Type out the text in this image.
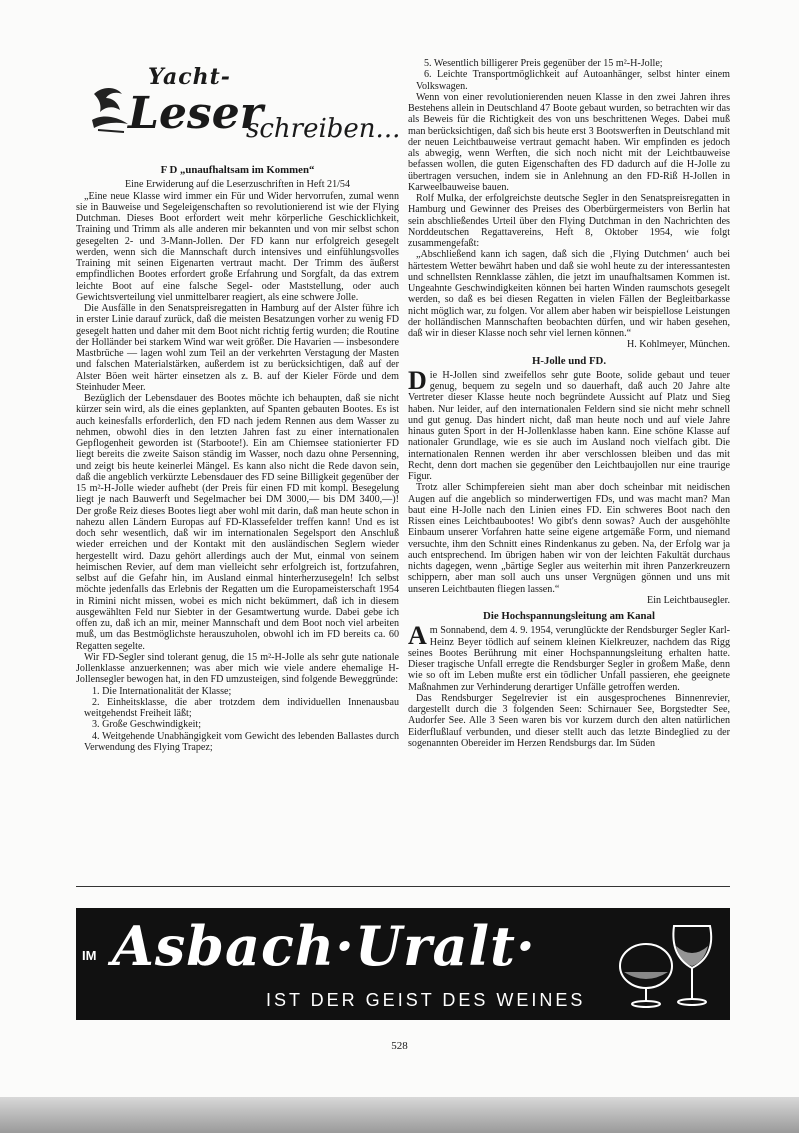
Yacht-
Leser
schreiben...
F D „unaufhaltsam im Kommen“

Eine Erwiderung auf die Leserzuschriften in Heft 21/54

„Eine neue Klasse wird immer ein Für und Wider hervorrufen, zumal wenn sie in Bauweise und Segeleigenschaften so revolutionierend ist wie der Flying Dutchman. Dieses Boot erfordert weit mehr körperliche Geschicklichkeit, Training und Trimm als alle anderen mir bekannten und von mir selbst schon gesegelten 2- und 3-Mann-Jollen. Der FD kann nur erfolgreich gesegelt werden, wenn sich die Mannschaft durch intensives und einfühlungsvolles Training mit seinen Eigenarten vertraut macht. Der Trimm des äußerst empfindlichen Bootes erfordert große Erfahrung und Sorgfalt, da das extrem leichte Boot auf eine falsche Segel- oder Maststellung, oder auch Gewichtsverteilung viel unmittelbarer reagiert, als eine schwere Jolle.

Die Ausfälle in den Senatspreisregatten in Hamburg auf der Alster führe ich in erster Linie darauf zurück, daß die meisten Besatzungen vorher zu wenig FD gesegelt hatten und daher mit dem Boot nicht richtig fertig wurden; die Routine der Holländer bei starkem Wind war weit größer. Die Havarien — insbesondere Mastbrüche — lagen wohl zum Teil an der verkehrten Verstagung der Masten und falschen Materialstärken, außerdem ist zu berücksichtigen, daß auf der Alster Böen weit härter einsetzen als z. B. auf der Kieler Förde und dem Steinhuder Meer.

Bezüglich der Lebensdauer des Bootes möchte ich behaupten, daß sie nicht kürzer sein wird, als die eines geplankten, auf Spanten gebauten Bootes. Es ist auch keinesfalls erforderlich, den FD nach jedem Rennen aus dem Wasser zu nehmen, obwohl dies in den letzten Jahren fast zu einer internationalen Gepflogenheit geworden ist (Starboote!). Ein am Chiemsee stationierter FD liegt bereits die zweite Saison ständig im Wasser, noch dazu ohne Persenning, und zeigt bis heute keinerlei Mängel. Es kann also nicht die Rede davon sein, daß die angeblich verkürzte Lebensdauer des FD seine Billigkeit gegenüber der 15 m²-H-Jolle wieder aufhebt (der Preis für einen FD mit kompl. Besegelung liegt je nach Bauwerft und Segelmacher bei DM 3000,— bis DM 3400,—)! Der große Reiz dieses Bootes liegt aber wohl mit darin, daß man heute schon in nahezu allen Ländern Europas auf FD-Klassefelder treffen kann! Und es ist doch sehr wesentlich, daß wir im internationalen Segelsport den Anschluß wieder erreichen und der Kontakt mit den ausländischen Seglern wieder hergestellt wird. Dazu gehört allerdings auch der Mut, einmal von seinem heimischen Revier, auf dem man vielleicht sehr erfolgreich ist, fortzufahren, selbst auf die Gefahr hin, im Ausland einmal hinterherzusegeln! Ich selbst möchte jedenfalls das Erlebnis der Regatten um die Europameisterschaft 1954 in Rimini nicht missen, wobei es mich nicht bekümmert, daß ich in diesem ausgewählten Feld nur Siebter in der Gesamtwertung wurde. Dabei gebe ich offen zu, daß ich an mir, meiner Mannschaft und dem Boot noch viel arbeiten muß, um das Bestmöglichste herauszuholen, obwohl ich im FD bereits ca. 60 Regatten segelte.

Wir FD-Segler sind tolerant genug, die 15 m²-H-Jolle als sehr gute nationale Jollenklasse anzuerkennen; was aber mich wie viele andere ehemalige H-Jollensegler bewogen hat, in den FD umzusteigen, sind folgende Beweggründe:

1. Die Internationalität der Klasse;

2. Einheitsklasse, die aber trotzdem dem individuellen Innenausbau weitgehendst Freiheit läßt;

3. Große Geschwindigkeit;

4. Weitgehende Unabhängigkeit vom Gewicht des lebenden Ballastes durch Verwendung des Flying Trapez;

5. Wesentlich billigerer Preis gegenüber der 15 m²-H-Jolle;

6. Leichte Transportmöglichkeit auf Autoanhänger, selbst hinter einem Volkswagen.

Wenn von einer revolutionierenden neuen Klasse in den zwei Jahren ihres Bestehens allein in Deutschland 47 Boote gebaut wurden, so betrachten wir das als Beweis für die Richtigkeit des von uns beschrittenen Weges. Dabei muß man berücksichtigen, daß sich bis heute erst 3 Bootswerften in Deutschland mit der neuen Leichtbauweise vertraut gemacht haben. Wir empfinden es jedoch als abwegig, wenn Werften, die sich noch nicht mit der Leichtbauweise befassen wollen, die guten Eigenschaften des FD dadurch auf die H-Jolle zu übertragen versuchen, indem sie in Anlehnung an den FD-Riß H-Jollen in Karweelbauweise bauen.

Rolf Mulka, der erfolgreichste deutsche Segler in den Senatspreisregatten in Hamburg und Gewinner des Preises des Oberbürgermeisters von Berlin hat sein abschließendes Urteil über den Flying Dutchman in den Nachrichten des Norddeutschen Regattavereins, Heft 8, Oktober 1954, wie folgt zusammengefaßt:

„Abschließend kann ich sagen, daß sich die ‚Flying Dutchmen‘ auch bei härtestem Wetter bewährt haben und daß sie wohl heute zu der interessantesten und schnellsten Rennklasse zählen, die jetzt im unaufhaltsamen Kommen ist. Ungeahnte Geschwindigkeiten können bei harten Winden raumschots gesegelt werden, so daß es bei diesen Regatten in vielen Fällen der Begleitbarkasse nicht möglich war, zu folgen. Vor allem aber haben wir beispiellose Leistungen der holländischen Mannschaften beobachten dürfen, und wir haben gesehen, daß wir in dieser Klasse noch sehr viel lernen können.“

H. Kohlmeyer, München.

H-Jolle und FD.

Die H-Jollen sind zweifellos sehr gute Boote, solide gebaut und teuer genug, bequem zu segeln und so dauerhaft, daß auch 20 Jahre alte Vertreter dieser Klasse heute noch begründete Aussicht auf Platz und Sieg haben. Nur leider, auf den internationalen Feldern sind sie nicht mehr schnell und gut genug. Das hindert nicht, daß man heute noch und auf viele Jahre hinaus guten Sport in der H-Jollenklasse haben kann. Eine schöne Klasse auf nationaler Grundlage, wie es sie auch im Ausland noch vielfach gibt. Die internationalen Rennen werden ihr aber verschlossen bleiben und das mit Recht, denn dort machen sie gegenüber den Leichtbaujollen nur eine traurige Figur.

Trotz aller Schimpfereien sieht man aber doch scheinbar mit neidischen Augen auf die angeblich so minderwertigen FDs, und was macht man? Man baut eine H-Jolle nach den Linien eines FD. Ein schweres Boot nach den Rissen eines Leichtbaubootes! Wo gibt's denn sowas? Auch der ausgehöhlte Einbaum unserer Vorfahren hatte seine eigene artgemäße Form, und niemand versuchte, ihm den Schnitt eines Rindenkanus zu geben. Na, der Erfolg war ja auch entsprechend. Im übrigen haben wir von der leichten Fakultät durchaus nichts dagegen, wenn „bärtige Segler aus weiterhin mit ihren Panzerkreuzern schippern, aber man soll auch uns unser Vergnügen gönnen und uns mit unseren Leichtbauten fliegen lassen.“

Ein Leichtbausegler.

Die Hochspannungsleitung am Kanal

Am Sonnabend, dem 4. 9. 1954, verunglückte der Rendsburger Segler Karl-Heinz Beyer tödlich auf seinem kleinen Kielkreuzer, nachdem das Rigg seines Bootes Berührung mit einer Hochspannungsleitung erhalten hatte. Dieser tragische Unfall erregte die Rendsburger Segler in großem Maße, denn wie so oft im Leben mußte erst ein tödlicher Unfall passieren, ehe geeignete Maßnahmen zur Verhinderung derartiger Unfälle getroffen werden.

Das Rendsburger Segelrevier ist ein ausgesprochenes Binnenrevier, dargestellt durch die 3 folgenden Seen: Schirnauer See, Borgstedter See, Audorfer See. Alle 3 Seen waren bis vor kurzem durch den alten natürlichen Eiderflußlauf verbunden, und dieser stellt auch das letzte Bindeglied zu der sogenannten Obereider im Herzen Rendsburgs dar. Im Süden

IM Asbach·Uralt·
IST DER GEIST DES WEINES
528
